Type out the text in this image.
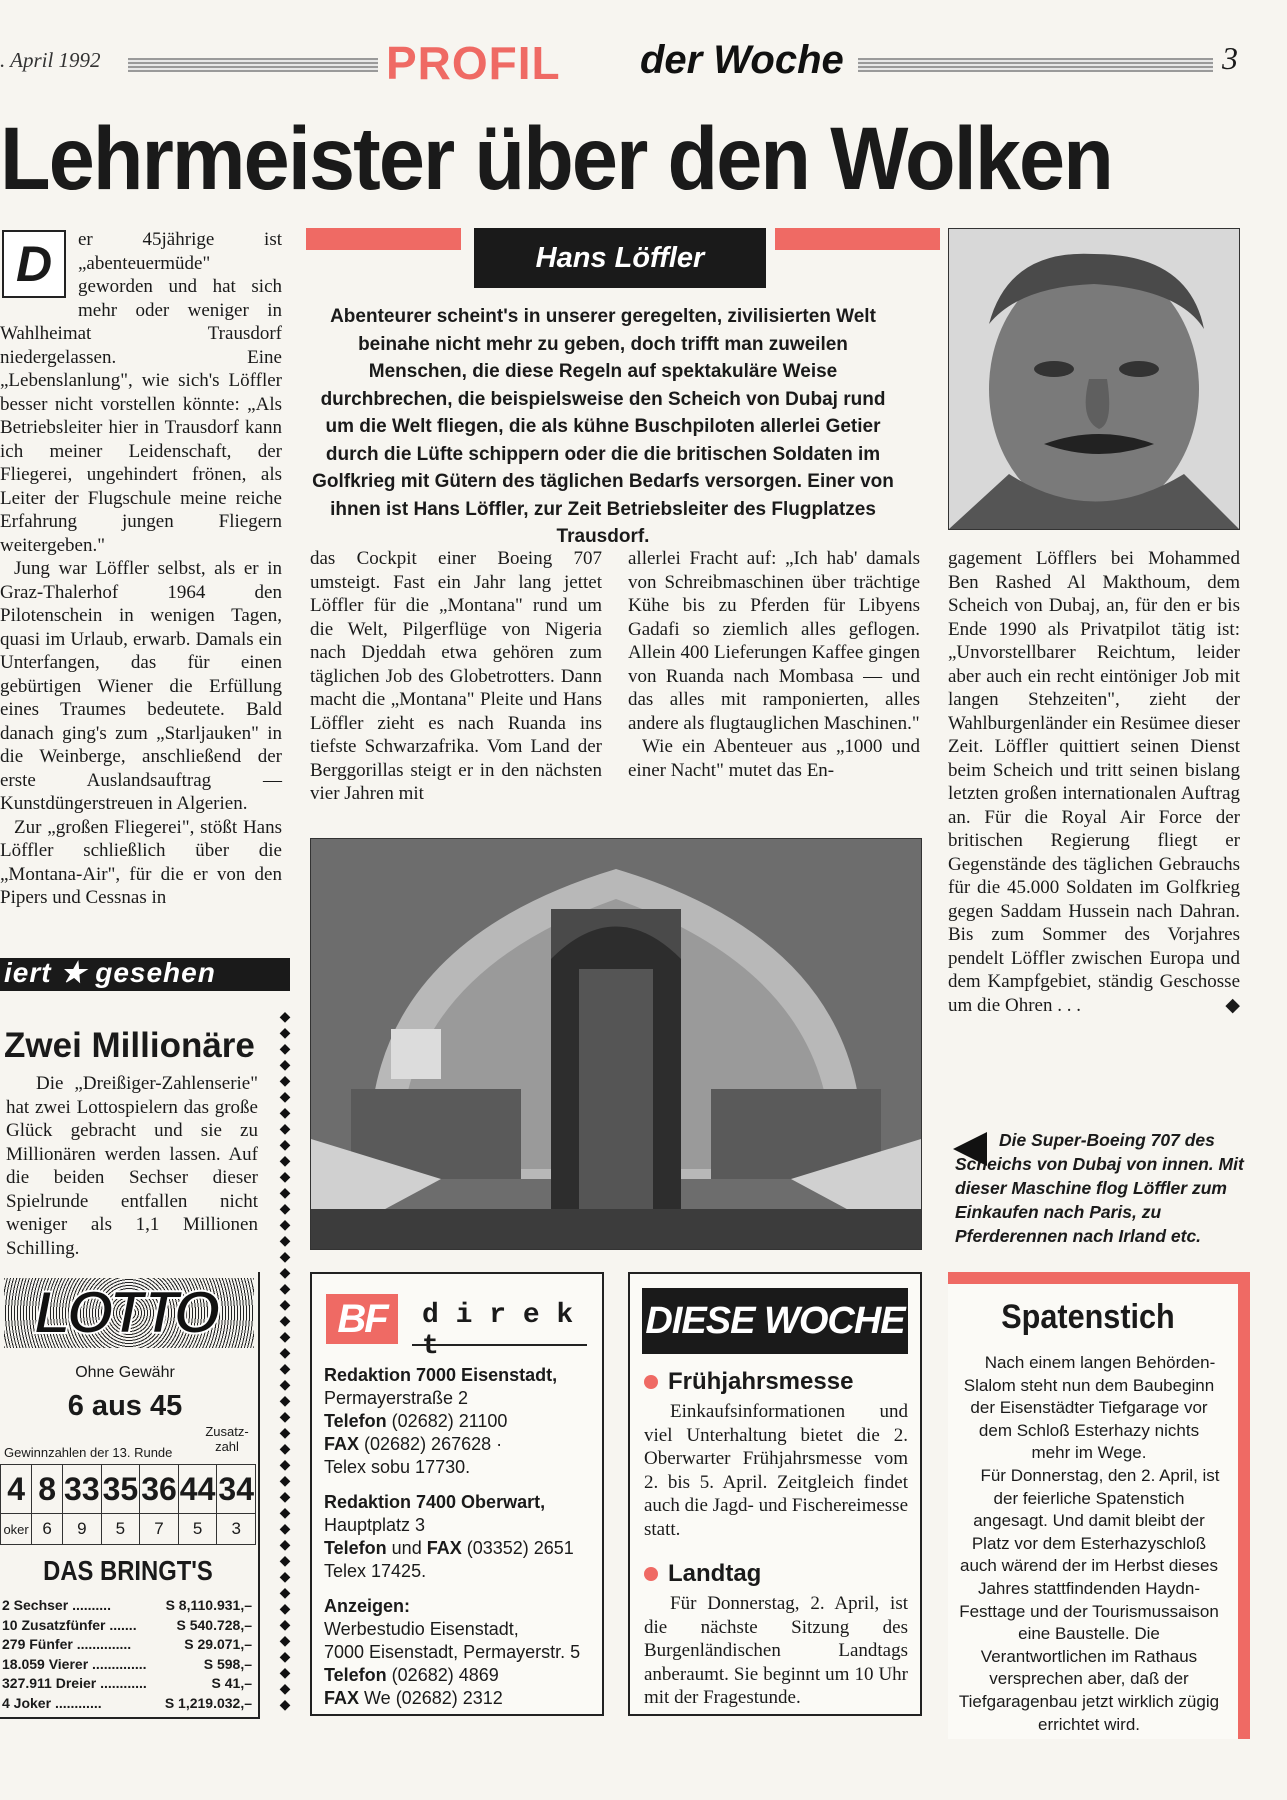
. April 1992	PROFIL der Woche	3
Lehrmeister über den Wolken
D	er 45jährige ist „abenteuermüde" geworden und hat sich mehr oder weniger in

Wahlheimat Trausdorf niedergelassen. Eine „Lebenslanlung", wie sich's Löffler besser nicht vorstellen könnte: „Als Betriebsleiter hier in Trausdorf kann ich meiner Leidenschaft, der Fliegerei, ungehindert frönen, als Leiter der Flugschule meine reiche Erfahrung jungen Fliegern weitergeben."

Jung war Löffler selbst, als er in Graz-Thalerhof 1964 den Pilotenschein in wenigen Tagen, quasi im Urlaub, erwarb. Damals ein Unterfangen, das für einen gebürtigen Wiener die Erfüllung eines Traumes bedeutete. Bald danach ging's zum „Starljauken" in die Weinberge, anschließend der erste Auslandsauftrag — Kunstdüngerstreuen in Algerien.

Zur „großen Fliegerei", stößt Hans Löffler schließlich über die „Montana-Air", für die er von den Pipers und Cessnas in

Hans Löffler

Abenteurer scheint's in unserer geregelten, zivilisierten Welt beinahe nicht mehr zu geben, doch trifft man zuweilen Menschen, die diese Regeln auf spektakuläre Weise durchbrechen, die beispielsweise den Scheich von Dubaj rund um die Welt fliegen, die als kühne Buschpiloten allerlei Getier durch die Lüfte schippern oder die die britischen Soldaten im Golfkrieg mit Gütern des täglichen Bedarfs versorgen. Einer von ihnen ist Hans Löffler, zur Zeit Betriebsleiter des Flugplatzes Trausdorf.

das Cockpit einer Boeing 707 umsteigt. Fast ein Jahr lang jettet Löffler für die „Montana" rund um die Welt, Pilgerflüge von Nigeria nach Djeddah etwa gehören zum täglichen Job des Globetrotters. Dann macht die „Montana" Pleite und Hans Löffler zieht es nach Ruanda ins tiefste Schwarzafrika. Vom Land der Berggorillas steigt er in den nächsten vier Jahren mit

allerlei Fracht auf: „Ich hab' damals von Schreibmaschinen über trächtige Kühe bis zu Pferden für Libyens Gadafi so ziemlich alles geflogen. Allein 400 Lieferungen Kaffee gingen von Ruanda nach Mombasa — und das alles mit ramponierten, alles andere als flugtauglichen Maschinen."

Wie ein Abenteuer aus „1000 und einer Nacht" mutet das En-

gagement Löfflers bei Mohammed Ben Rashed Al Makthoum, dem Scheich von Dubaj, an, für den er bis Ende 1990 als Privatpilot tätig ist: „Unvorstellbarer Reichtum, leider aber auch ein recht eintöniger Job mit langen Stehzeiten", zieht der Wahlburgenländer ein Resümee dieser Zeit. Löffler quittiert seinen Dienst beim Scheich und tritt seinen bislang letzten großen internationalen Auftrag an. Für die Royal Air Force der britischen Regierung fliegt er Gegenstände des täglichen Gebrauchs für die 45.000 Soldaten im Golfkrieg gegen Saddam Hussein nach Dahran. Bis zum Sommer des Vorjahres pendelt Löffler zwischen Europa und dem Kampfgebiet, ständig Geschosse um die Ohren . . .	◆

Die Super-Boeing 707 des Scheichs von Dubaj von innen. Mit dieser Maschine flog Löffler zum Einkaufen nach Paris, zu Pferderennen nach Irland etc.

iert ★ gesehen
◆
◆
◆
◆
◆
◆
◆
◆
◆
◆
◆
◆
◆
◆
◆
◆
◆
◆
◆
◆
◆
◆
◆
◆
◆
◆
◆
◆
◆
◆
◆
◆
◆
◆
◆
◆
◆
◆
◆
◆
◆
◆
◆
◆
Zwei Millionäre

Die „Dreißiger-Zahlenserie" hat zwei Lottospielern das große Glück gebracht und sie zu Millionären werden lassen. Auf die beiden Sechser dieser Spielrunde entfallen nicht weniger als 1,1 Millionen Schilling.

LOTTO
Ohne Gewähr
6 aus 45
Zusatz-
zahl
Gewinnzahlen der 13. Runde
4	8	33	35	36	44	34
oker	6	9	5	7	5	3
DAS BRINGT'S
2 Sechser ..........	S 8,110.931,–
10 Zusatzfünfer .......	S 540.728,–
279 Fünfer ..............	S 29.071,–
18.059 Vierer ..............	S 598,–
327.911 Dreier ............	S 41,–
4 Joker ............	S 1,219.032,–
BF	d i r e k t

Redaktion 7000 Eisenstadt,

Permayerstraße 2

Telefon (02682) 21100

FAX (02682) 267628 ·

Telex sobu 17730.

Redaktion 7400 Oberwart,

Hauptplatz 3

Telefon und FAX (03352) 2651

Telex 17425.

Anzeigen:

Werbestudio Eisenstadt,

7000 Eisenstadt, Permayerstr. 5

Telefon (02682) 4869

FAX We (02682) 2312

DIESE WOCHE
Frühjahrsmesse

Einkaufsinformationen und viel Unterhaltung bietet die 2. Oberwarter Frühjahrsmesse vom 2. bis 5. April. Zeitgleich findet auch die Jagd- und Fischereimesse statt.

Landtag

Für Donnerstag, 2. April, ist die nächste Sitzung des Burgenländischen Landtags anberaumt. Sie beginnt um 10 Uhr mit der Fragestunde.

Spatenstich

Nach einem langen Behörden-Slalom steht nun dem Baubeginn der Eisenstädter Tiefgarage vor dem Schloß Esterhazy nichts mehr im Wege.

Für Donnerstag, den 2. April, ist der feierliche Spatenstich angesagt. Und damit bleibt der Platz vor dem Esterhazyschloß auch wärend der im Herbst dieses Jahres stattfindenden Haydn-Festtage und der Tourismussaison eine Baustelle. Die Verantwortlichen im Rathaus versprechen aber, daß der Tiefgaragenbau jetzt wirklich zügig errichtet wird.
